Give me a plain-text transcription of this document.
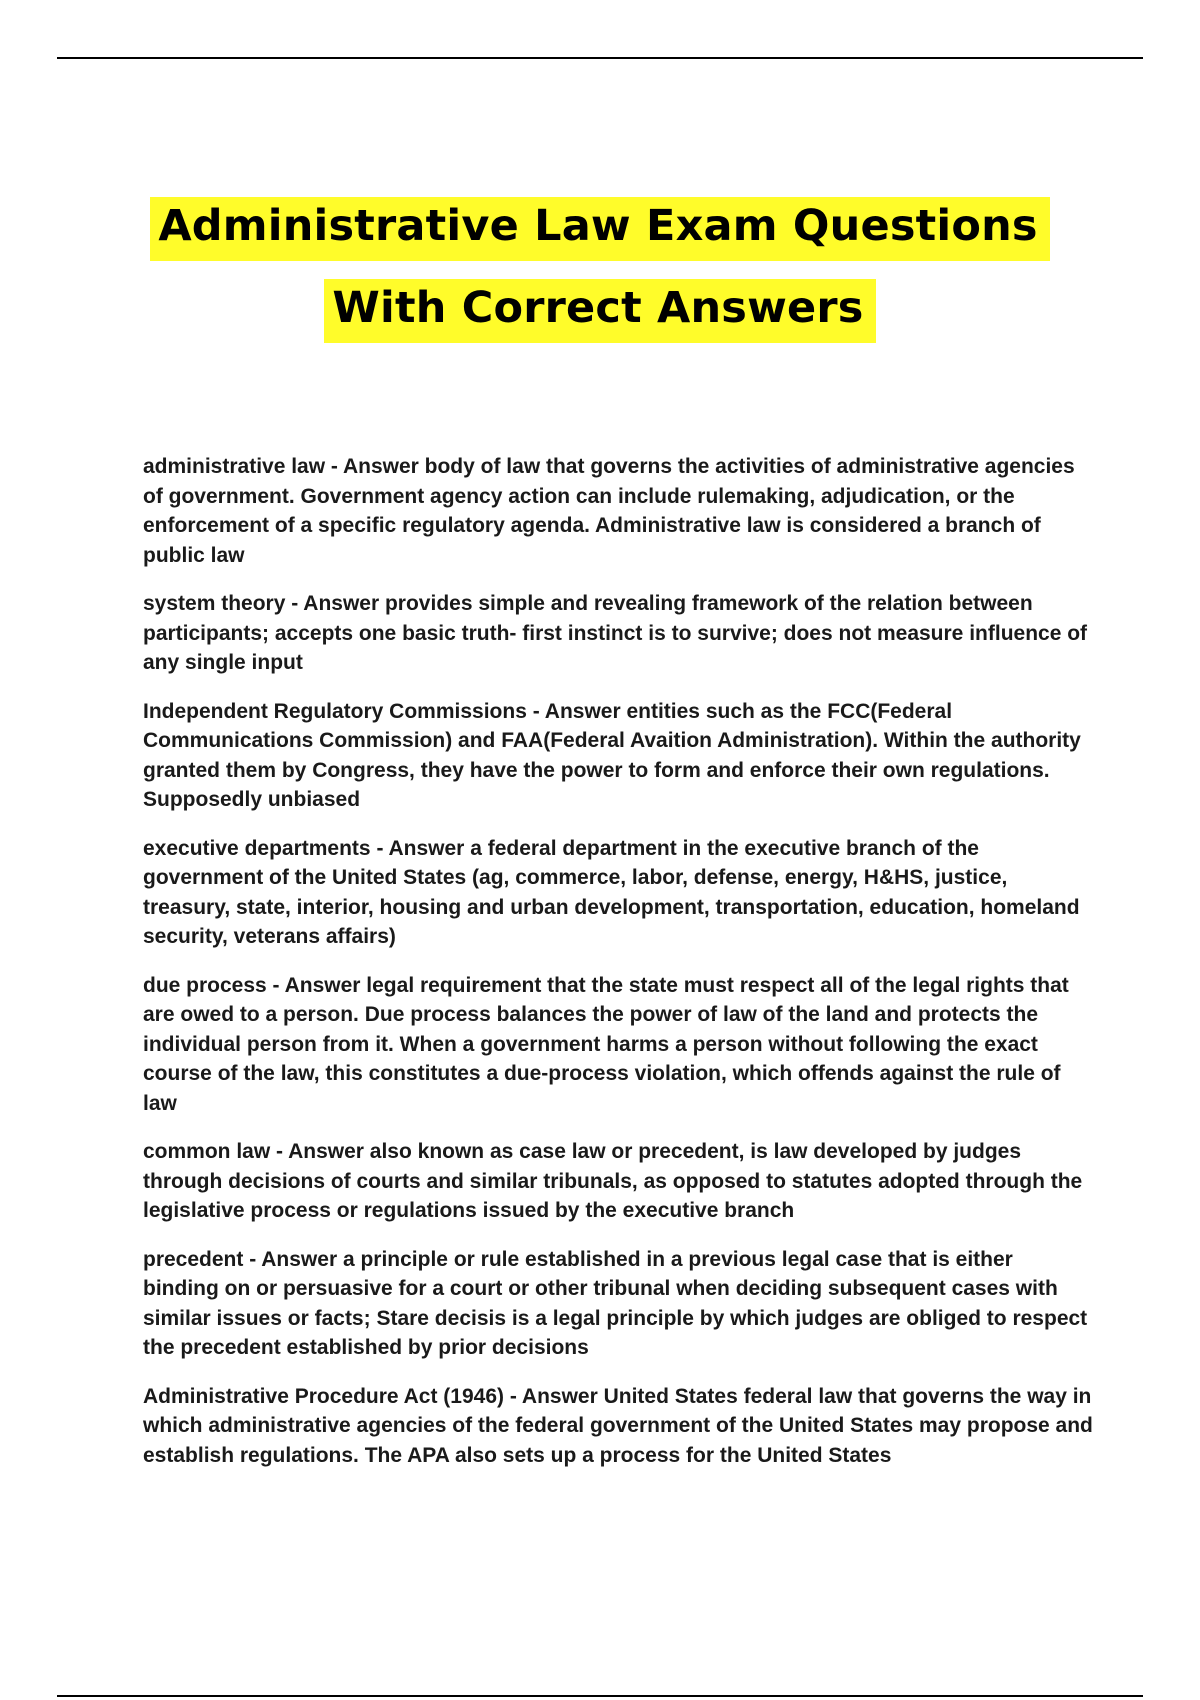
Administrative Law Exam Questions
With Correct Answers

administrative law - Answer body of law that governs the activities of administrative agencies of government. Government agency action can include rulemaking, adjudication, or the enforcement of a specific regulatory agenda. Administrative law is considered a branch of public law

system theory - Answer provides simple and revealing framework of the relation between participants; accepts one basic truth- first instinct is to survive; does not measure influence of any single input

Independent Regulatory Commissions - Answer entities such as the FCC(Federal Communications Commission) and FAA(Federal Avaition Administration). Within the authority granted them by Congress, they have the power to form and enforce their own regulations. Supposedly unbiased

executive departments - Answer a federal department in the executive branch of the government of the United States (ag, commerce, labor, defense, energy, H&HS, justice, treasury, state, interior, housing and urban development, transportation, education, homeland security, veterans affairs)

due process - Answer legal requirement that the state must respect all of the legal rights that are owed to a person. Due process balances the power of law of the land and protects the individual person from it. When a government harms a person without following the exact course of the law, this constitutes a due-process violation, which offends against the rule of law

common law - Answer also known as case law or precedent, is law developed by judges through decisions of courts and similar tribunals, as opposed to statutes adopted through the legislative process or regulations issued by the executive branch

precedent - Answer a principle or rule established in a previous legal case that is either binding on or persuasive for a court or other tribunal when deciding subsequent cases with similar issues or facts; Stare decisis is a legal principle by which judges are obliged to respect the precedent established by prior decisions

Administrative Procedure Act (1946) - Answer United States federal law that governs the way in which administrative agencies of the federal government of the United States may propose and establish regulations. The APA also sets up a process for the United States
